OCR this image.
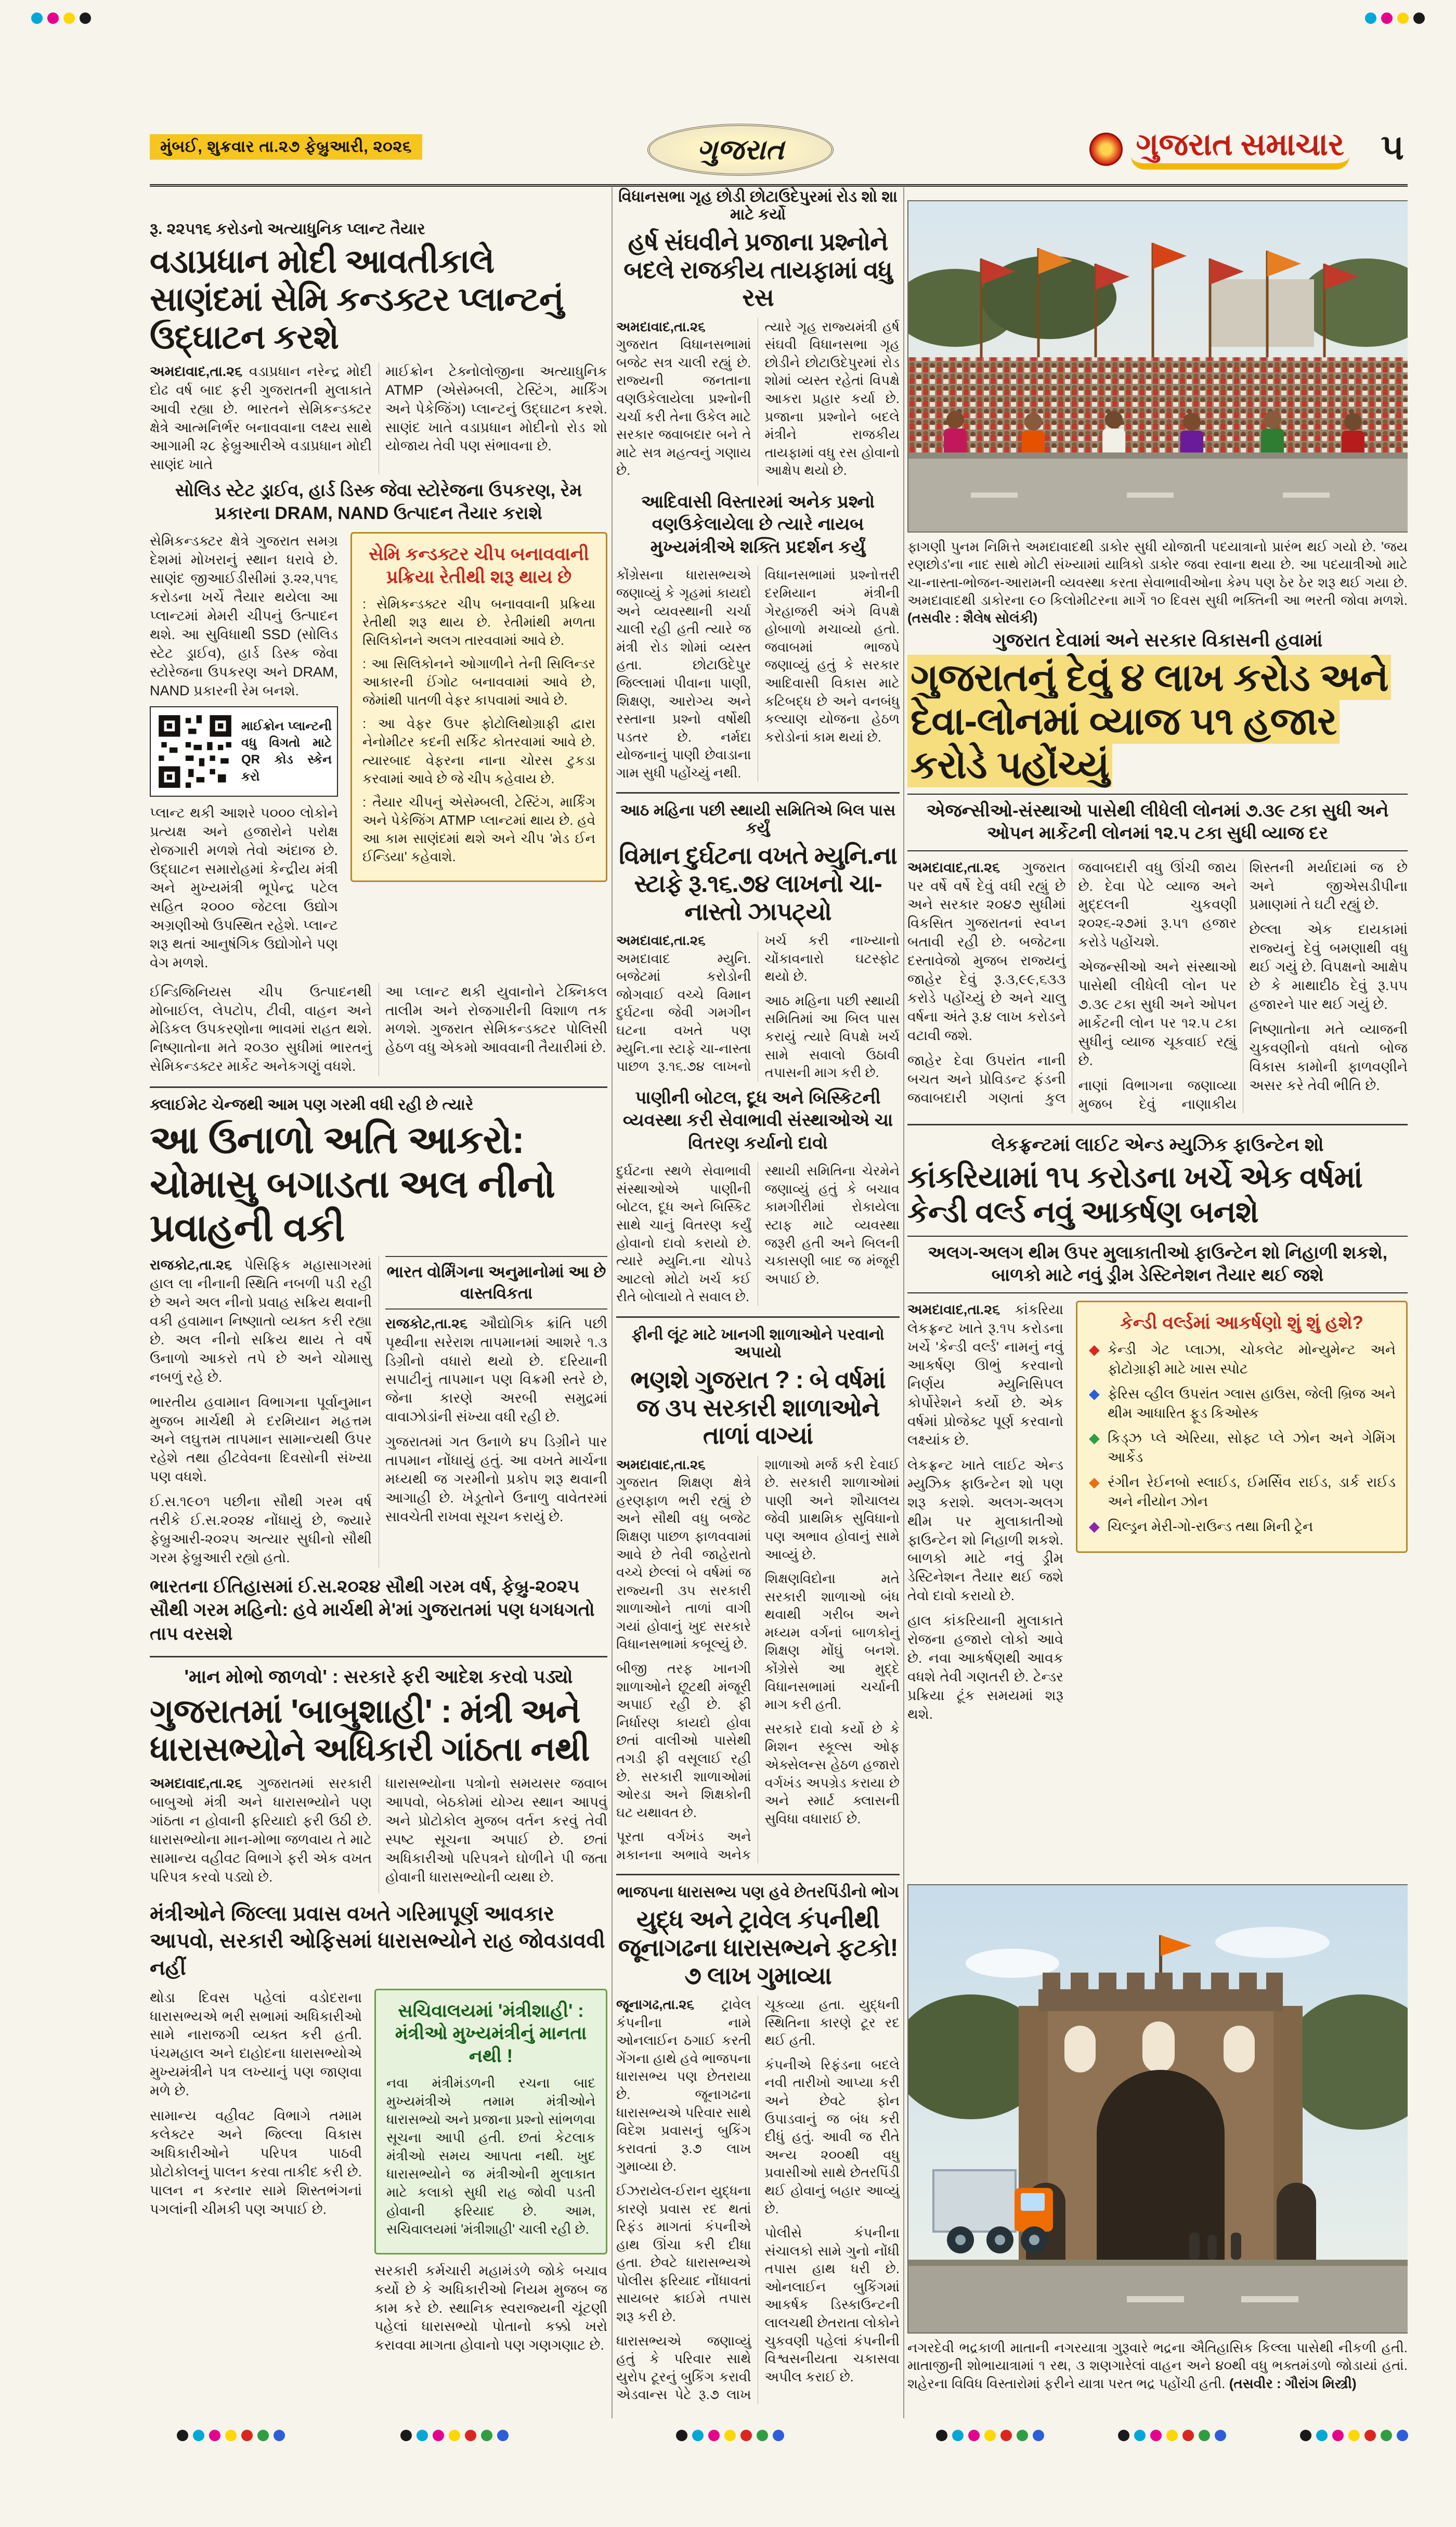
મુંબઈ, શુક્રવાર તા.૨૭ ફેબ્રુઆરી, ૨૦૨૬	ગુજરાત	ગુજરાત સમાચાર ૫
રૂ. ૨૨૫૧૬ કરોડનો અત્યાધુનિક પ્લાન્ટ તૈયાર
વડાપ્રધાન મોદી આવતીકાલે સાણંદમાં સેમિ કન્ડક્ટર પ્લાન્ટનું ઉદ્ઘાટન કરશે

અમદાવાદ,તા.૨૬ વડાપ્રધાન નરેન્દ્ર મોદી દોઢ વર્ષ બાદ ફરી ગુજરાતની મુલાકાતે આવી રહ્યા છે. ભારતને સેમિકન્ડક્ટર ક્ષેત્રે આત્મનિર્ભર બનાવવાના લક્ષ્ય સાથે આગામી ૨૮ ફેબ્રુઆરીએ વડાપ્રધાન મોદી સાણંદ ખાતે

માઈક્રોન ટેક્નોલોજીના અત્યાધુનિક ATMP (એસેમ્બલી, ટેસ્ટિંગ, માર્કિંગ અને પેકેજિંગ) પ્લાન્ટનું ઉદ્ઘાટન કરશે. સાણંદ ખાતે વડાપ્રધાન મોદીનો રોડ શો યોજાય તેવી પણ સંભાવના છે.

સોલિડ સ્ટેટ ડ્રાઈવ, હાર્ડ ડિસ્ક જેવા સ્ટોરેજના ઉપકરણ, રેમ પ્રકારના DRAM, NAND ઉત્પાદન તૈયાર કરાશે

સેમિકન્ડક્ટર ક્ષેત્રે ગુજરાત સમગ્ર દેશમાં મોખરાનું સ્થાન ધરાવે છે. સાણંદ જીઆઈડીસીમાં રૂ.૨૨,૫૧૬ કરોડના ખર્ચે તૈયાર થયેલા આ પ્લાન્ટમાં મેમરી ચીપનું ઉત્પાદન થશે. આ સુવિધાથી SSD (સોલિડ સ્ટેટ ડ્રાઈવ), હાર્ડ ડિસ્ક જેવા સ્ટોરેજના ઉપકરણ અને DRAM, NAND પ્રકારની રેમ બનશે.

માઈક્રોન પ્લાન્ટની વધુ વિગતો માટે QR કોડ સ્કેન કરો

પ્લાન્ટ થકી આશરે ૫૦૦૦ લોકોને પ્રત્યક્ષ અને હજારોને પરોક્ષ રોજગારી મળશે તેવો અંદાજ છે. ઉદ્ઘાટન સમારોહમાં કેન્દ્રીય મંત્રી અને મુખ્યમંત્રી ભૂપેન્દ્ર પટેલ સહિત ૨૦૦૦ જેટલા ઉદ્યોગ અગ્રણીઓ ઉપસ્થિત રહેશે. પ્લાન્ટ શરૂ થતાં આનુષંગિક ઉદ્યોગોને પણ વેગ મળશે.

સેમિ કન્ડક્ટર ચીપ બનાવવાની પ્રક્રિયા રેતીથી શરૂ થાય છે

: સેમિકન્ડક્ટર ચીપ બનાવવાની પ્રક્રિયા રેતીથી શરૂ થાય છે. રેતીમાંથી મળતા સિલિકોનને અલગ તારવવામાં આવે છે.

: આ સિલિકોનને ઓગાળીને તેની સિલિન્ડર આકારની ઈંગોટ બનાવવામાં આવે છે, જેમાંથી પાતળી વેફર કાપવામાં આવે છે.

: આ વેફર ઉપર ફોટોલિથોગ્રાફી દ્વારા નેનોમીટર કદની સર્કિટ કોતરવામાં આવે છે. ત્યારબાદ વેફરના નાના ચોરસ ટુકડા કરવામાં આવે છે જે ચીપ કહેવાય છે.

: તૈયાર ચીપનું એસેમ્બલી, ટેસ્ટિંગ, માર્કિંગ અને પેકેજિંગ ATMP પ્લાન્ટમાં થાય છે. હવે આ કામ સાણંદમાં થશે અને ચીપ 'મેડ ઈન ઈન્ડિયા' કહેવાશે.

ઈન્ડિજિનિયસ ચીપ ઉત્પાદનથી મોબાઈલ, લેપટોપ, ટીવી, વાહન અને મેડિકલ ઉપકરણોના ભાવમાં રાહત થશે. નિષ્ણાતોના મતે ૨૦૩૦ સુધીમાં ભારતનું સેમિકન્ડક્ટર માર્કેટ અનેકગણું વધશે.

આ પ્લાન્ટ થકી યુવાનોને ટેક્નિકલ તાલીમ અને રોજગારીની વિશાળ તક મળશે. ગુજરાત સેમિકન્ડક્ટર પોલિસી હેઠળ વધુ એકમો આવવાની તૈયારીમાં છે.

ક્લાઈમેટ ચેન્જથી આમ પણ ગરમી વધી રહી છે ત્યારે
આ ઉનાળો અતિ આકરો: ચોમાસુ બગાડતા અલ નીનો પ્રવાહની વકી

રાજકોટ,તા.૨૬ પેસિફિક મહાસાગરમાં હાલ લા નીનાની સ્થિતિ નબળી પડી રહી છે અને અલ નીનો પ્રવાહ સક્રિય થવાની વકી હવામાન નિષ્ણાતો વ્યક્ત કરી રહ્યા છે. અલ નીનો સક્રિય થાય તે વર્ષે ઉનાળો આકરો તપે છે અને ચોમાસુ નબળું રહે છે.

ભારતીય હવામાન વિભાગના પૂર્વાનુમાન મુજબ માર્ચથી મે દરમિયાન મહત્તમ અને લઘુત્તમ તાપમાન સામાન્યથી ઉપર રહેશે તથા હીટવેવના દિવસોની સંખ્યા પણ વધશે.

ઈ.સ.૧૯૦૧ પછીના સૌથી ગરમ વર્ષ તરીકે ઈ.સ.૨૦૨૪ નોંધાયું છે, જ્યારે ફેબ્રુઆરી-૨૦૨૫ અત્યાર સુધીનો સૌથી ગરમ ફેબ્રુઆરી રહ્યો હતો.

ભારત વોર્મિંગના અનુમાનોમાં આ છે વાસ્તવિકતા

રાજકોટ,તા.૨૬ ઔદ્યોગિક ક્રાંતિ પછી પૃથ્વીના સરેરાશ તાપમાનમાં આશરે ૧.૩ ડિગ્રીનો વધારો થયો છે. દરિયાની સપાટીનું તાપમાન પણ વિક્રમી સ્તરે છે, જેના કારણે અરબી સમુદ્રમાં વાવાઝોડાંની સંખ્યા વધી રહી છે.

ગુજરાતમાં ગત ઉનાળે ૪૫ ડિગ્રીને પાર તાપમાન નોંધાયું હતું. આ વખતે માર્ચના મધ્યથી જ ગરમીનો પ્રકોપ શરૂ થવાની આગાહી છે. ખેડૂતોને ઉનાળુ વાવેતરમાં સાવચેતી રાખવા સૂચન કરાયું છે.

ભારતના ઈતિહાસમાં ઈ.સ.૨૦૨૪ સૌથી ગરમ વર્ષ, ફેબ્રુ-૨૦૨૫ સૌથી ગરમ મહિનો: હવે માર્ચથી મે'માં ગુજરાતમાં પણ ધગધગતો તાપ વરસશે
'માન મોભો જાળવો' : સરકારે ફરી આદેશ કરવો પડ્યો
ગુજરાતમાં 'બાબુશાહી' : મંત્રી અને ધારાસભ્યોને અધિકારી ગાંઠતા નથી

અમદાવાદ,તા.૨૬ ગુજરાતમાં સરકારી બાબુઓ મંત્રી અને ધારાસભ્યોને પણ ગાંઠતા ન હોવાની ફરિયાદો ફરી ઉઠી છે. ધારાસભ્યોના માન-મોભા જળવાય તે માટે સામાન્ય વહીવટ વિભાગે ફરી એક વખત પરિપત્ર કરવો પડ્યો છે.

ધારાસભ્યોના પત્રોનો સમયસર જવાબ આપવો, બેઠકોમાં યોગ્ય સ્થાન આપવું અને પ્રોટોકોલ મુજબ વર્તન કરવું તેવી સ્પષ્ટ સૂચના અપાઈ છે. છતાં અધિકારીઓ પરિપત્રને ઘોળીને પી જતા હોવાની ધારાસભ્યોની વ્યથા છે.

મંત્રીઓને જિલ્લા પ્રવાસ વખતે ગરિમાપૂર્ણ આવકાર આપવો, સરકારી ઓફિસમાં ધારાસભ્યોને રાહ જોવડાવવી નહીં

થોડા દિવસ પહેલાં વડોદરાના ધારાસભ્યએ ભરી સભામાં અધિકારીઓ સામે નારાજગી વ્યક્ત કરી હતી. પંચમહાલ અને દાહોદના ધારાસભ્યોએ મુખ્યમંત્રીને પત્ર લખ્યાનું પણ જાણવા મળે છે.

સામાન્ય વહીવટ વિભાગે તમામ કલેક્ટર અને જિલ્લા વિકાસ અધિકારીઓને પરિપત્ર પાઠવી પ્રોટોકોલનું પાલન કરવા તાકીદ કરી છે. પાલન ન કરનાર સામે શિસ્તભંગનાં પગલાંની ચીમકી પણ અપાઈ છે.

સચિવાલયમાં 'મંત્રીશાહી' : મંત્રીઓ મુખ્યમંત્રીનું માનતા નથી !

નવા મંત્રીમંડળની રચના બાદ મુખ્યમંત્રીએ તમામ મંત્રીઓને ધારાસભ્યો અને પ્રજાના પ્રશ્નો સાંભળવા સૂચના આપી હતી. છતાં કેટલાક મંત્રીઓ સમય આપતા નથી. ખુદ ધારાસભ્યોને જ મંત્રીઓની મુલાકાત માટે કલાકો સુધી રાહ જોવી પડતી હોવાની ફરિયાદ છે. આમ, સચિવાલયમાં 'મંત્રીશાહી' ચાલી રહી છે.

સરકારી કર્મચારી મહામંડળે જોકે બચાવ કર્યો છે કે અધિકારીઓ નિયમ મુજબ જ કામ કરે છે. સ્થાનિક સ્વરાજ્યની ચૂંટણી પહેલાં ધારાસભ્યો પોતાનો કક્કો ખરો કરાવવા માગતા હોવાનો પણ ગણગણાટ છે.

વિધાનસભા ગૃહ છોડી છોટાઉદેપુરમાં રોડ શો શા માટે કર્યો
હર્ષ સંઘવીને પ્રજાના પ્રશ્નોને બદલે રાજકીય તાયફામાં વધુ રસ

અમદાવાદ,તા.૨૬ ગુજરાત વિધાનસભામાં બજેટ સત્ર ચાલી રહ્યું છે. રાજ્યની જનતાના વણઉકેલાયેલા પ્રશ્નોની ચર્ચા કરી તેના ઉકેલ માટે સરકાર જવાબદાર બને તે માટે સત્ર મહત્વનું ગણાય છે.

ત્યારે ગૃહ રાજ્યમંત્રી હર્ષ સંઘવી વિધાનસભા ગૃહ છોડીને છોટાઉદેપુરમાં રોડ શોમાં વ્યસ્ત રહેતાં વિપક્ષે આકરા પ્રહાર કર્યા છે. પ્રજાના પ્રશ્નોને બદલે મંત્રીને રાજકીય તાયફામાં વધુ રસ હોવાનો આક્ષેપ થયો છે.

આદિવાસી વિસ્તારમાં અનેક પ્રશ્નો વણઉકેલાયેલા છે ત્યારે નાયબ મુખ્યમંત્રીએ શક્તિ પ્રદર્શન કર્યું

કોંગ્રેસના ધારાસભ્યએ જણાવ્યું કે ગૃહમાં કાયદો અને વ્યવસ્થાની ચર્ચા ચાલી રહી હતી ત્યારે જ મંત્રી રોડ શોમાં વ્યસ્ત હતા. છોટાઉદેપુર જિલ્લામાં પીવાના પાણી, શિક્ષણ, આરોગ્ય અને રસ્તાના પ્રશ્નો વર્ષોથી પડતર છે. નર્મદા યોજનાનું પાણી છેવાડાના ગામ સુધી પહોંચ્યું નથી.

વિધાનસભામાં પ્રશ્નોત્તરી દરમિયાન મંત્રીની ગેરહાજરી અંગે વિપક્ષે હોબાળો મચાવ્યો હતો. જવાબમાં ભાજપે જણાવ્યું હતું કે સરકાર આદિવાસી વિકાસ માટે કટિબદ્ધ છે અને વનબંધુ કલ્યાણ યોજના હેઠળ કરોડોનાં કામ થયાં છે.

આઠ મહિના પછી સ્થાયી સમિતિએ બિલ પાસ કર્યું
વિમાન દુર્ઘટના વખતે મ્યુનિ.ના સ્ટાફે રૂ.૧૬.૭૪ લાખનો ચા-નાસ્તો ઝાપટ્યો

અમદાવાદ,તા.૨૬ અમદાવાદ મ્યુનિ. બજેટમાં કરોડોની જોગવાઈ વચ્ચે વિમાન દુર્ઘટના જેવી ગમગીન ઘટના વખતે પણ મ્યુનિ.ના સ્ટાફે ચા-નાસ્તા પાછળ રૂ.૧૬.૭૪ લાખનો ખર્ચ કરી નાખ્યાનો ચોંકાવનારો ઘટસ્ફોટ થયો છે.

આઠ મહિના પછી સ્થાયી સમિતિમાં આ બિલ પાસ કરાયું ત્યારે વિપક્ષે ખર્ચ સામે સવાલો ઉઠાવી તપાસની માગ કરી છે.

પાણીની બોટલ, દૂધ અને બિસ્કિટની વ્યવસ્થા કરી સેવાભાવી સંસ્થાઓએ ચા વિતરણ કર્યાનો દાવો

દુર્ઘટના સ્થળે સેવાભાવી સંસ્થાઓએ પાણીની બોટલ, દૂધ અને બિસ્કિટ સાથે ચાનું વિતરણ કર્યું હોવાનો દાવો કરાયો છે. ત્યારે મ્યુનિ.ના ચોપડે આટલો મોટો ખર્ચ કઈ રીતે બોલાયો તે સવાલ છે.

સ્થાયી સમિતિના ચેરમેને જણાવ્યું હતું કે બચાવ કામગીરીમાં રોકાયેલા સ્ટાફ માટે વ્યવસ્થા જરૂરી હતી અને બિલની ચકાસણી બાદ જ મંજૂરી અપાઈ છે.

ફીની લૂંટ માટે ખાનગી શાળાઓને પરવાનો અપાયો
ભણશે ગુજરાત ? : બે વર્ષમાં જ ૩૫ સરકારી શાળાઓને તાળાં વાગ્યાં

અમદાવાદ,તા.૨૬ ગુજરાત શિક્ષણ ક્ષેત્રે હરણફાળ ભરી રહ્યું છે અને સૌથી વધુ બજેટ શિક્ષણ પાછળ ફાળવવામાં આવે છે તેવી જાહેરાતો વચ્ચે છેલ્લાં બે વર્ષમાં જ રાજ્યની ૩૫ સરકારી શાળાઓને તાળાં વાગી ગયાં હોવાનું ખુદ સરકારે વિધાનસભામાં કબૂલ્યું છે.

બીજી તરફ ખાનગી શાળાઓને છૂટથી મંજૂરી અપાઈ રહી છે. ફી નિર્ધારણ કાયદો હોવા છતાં વાલીઓ પાસેથી તગડી ફી વસૂલાઈ રહી છે. સરકારી શાળાઓમાં ઓરડા અને શિક્ષકોની ઘટ યથાવત છે.

પૂરતા વર્ગખંડ અને મકાનના અભાવે અનેક શાળાઓ મર્જ કરી દેવાઈ છે. સરકારી શાળાઓમાં પાણી અને શૌચાલય જેવી પ્રાથમિક સુવિધાનો પણ અભાવ હોવાનું સામે આવ્યું છે.

શિક્ષણવિદોના મતે સરકારી શાળાઓ બંધ થવાથી ગરીબ અને મધ્યમ વર્ગનાં બાળકોનું શિક્ષણ મોંઘું બનશે. કોંગ્રેસે આ મુદ્દે વિધાનસભામાં ચર્ચાની માગ કરી હતી.

સરકારે દાવો કર્યો છે કે મિશન સ્કૂલ્સ ઓફ એક્સેલન્સ હેઠળ હજારો વર્ગખંડ અપગ્રેડ કરાયા છે અને સ્માર્ટ ક્લાસની સુવિધા વધારાઈ છે.

ભાજપના ધારાસભ્ય પણ હવે છેતરપિંડીનો ભોગ
યુદ્ધ અને ટ્રાવેલ કંપનીથી જૂનાગઢના ધારાસભ્યને ફટકો! ૭ લાખ ગુમાવ્યા

જૂનાગઢ,તા.૨૬ ટ્રાવેલ કંપનીના નામે ઓનલાઈન ઠગાઈ કરતી ગેંગના હાથે હવે ભાજપના ધારાસભ્ય પણ છેતરાયા છે. જૂનાગઢના ધારાસભ્યએ પરિવાર સાથે વિદેશ પ્રવાસનું બુકિંગ કરાવતાં રૂ.૭ લાખ ગુમાવ્યા છે.

ઈઝરાયેલ-ઈરાન યુદ્ધના કારણે પ્રવાસ રદ થતાં રિફંડ માગતાં કંપનીએ હાથ ઊંચા કરી દીધા હતા. છેવટે ધારાસભ્યએ પોલીસ ફરિયાદ નોંધાવતાં સાયબર ક્રાઈમે તપાસ શરૂ કરી છે.

ધારાસભ્યએ જણાવ્યું હતું કે પરિવાર સાથે યુરોપ ટૂરનું બુકિંગ કરાવી એડવાન્સ પેટે રૂ.૭ લાખ ચૂકવ્યા હતા. યુદ્ધની સ્થિતિના કારણે ટૂર રદ થઈ હતી.

કંપનીએ રિફંડના બદલે નવી તારીખો આપ્યા કરી અને છેવટે ફોન ઉપાડવાનું જ બંધ કરી દીધું હતું. આવી જ રીતે અન્ય ૨૦૦થી વધુ પ્રવાસીઓ સાથે છેતરપિંડી થઈ હોવાનું બહાર આવ્યું છે.

પોલીસે કંપનીના સંચાલકો સામે ગુનો નોંધી તપાસ હાથ ધરી છે. ઓનલાઈન બુકિંગમાં આકર્ષક ડિસ્કાઉન્ટની લાલચથી છેતરાતા લોકોને ચુકવણી પહેલાં કંપનીની વિશ્વસનીયતા ચકાસવા અપીલ કરાઈ છે.

ફાગણી પુનમ નિમિત્તે અમદાવાદથી ડાકોર સુધી યોજાતી પદયાત્રાનો પ્રારંભ થઈ ગયો છે. 'જય રણછોડ'ના નાદ સાથે મોટી સંખ્યામાં યાત્રિકો ડાકોર જવા રવાના થયા છે. આ પદયાત્રીઓ માટે ચા-નાસ્તા-ભોજન-આરામની વ્યવસ્થા કરતા સેવાભાવીઓના કેમ્પ પણ ઠેર ઠેર શરૂ થઈ ગયા છે. અમદાવાદથી ડાકોરના ૯૦ કિલોમીટરના માર્ગે ૧૦ દિવસ સુધી ભક્તિની આ ભરતી જોવા મળશે. (તસવીર : શૈલેષ સોલંકી)
ગુજરાત દેવામાં અને સરકાર વિકાસની હવામાં
ગુજરાતનું દેવું ૪ લાખ કરોડ અને દેવા-લોનમાં વ્યાજ ૫૧ હજાર કરોડે પહોંચ્યું
એજન્સીઓ-સંસ્થાઓ પાસેથી લીધેલી લોનમાં ૭.૩૯ ટકા સુધી અને ઓપન માર્કેટની લોનમાં ૧૨.૫ ટકા સુધી વ્યાજ દર

અમદાવાદ,તા.૨૬ ગુજરાત પર વર્ષે વર્ષે દેવું વધી રહ્યું છે અને સરકાર ૨૦૪૭ સુધીમાં વિકસિત ગુજરાતનાં સ્વપ્ન બતાવી રહી છે. બજેટના દસ્તાવેજો મુજબ રાજ્યનું જાહેર દેવું રૂ.૩,૯૯,૬૩૩ કરોડે પહોંચ્યું છે અને ચાલુ વર્ષના અંતે રૂ.૪ લાખ કરોડને વટાવી જશે.

જાહેર દેવા ઉપરાંત નાની બચત અને પ્રોવિડન્ટ ફંડની જવાબદારી ગણતાં કુલ જવાબદારી વધુ ઊંચી જાય છે. દેવા પેટે વ્યાજ અને મુદ્દલની ચુકવણી ૨૦૨૬-૨૭માં રૂ.૫૧ હજાર કરોડે પહોંચશે.

એજન્સીઓ અને સંસ્થાઓ પાસેથી લીધેલી લોન પર ૭.૩૯ ટકા સુધી અને ઓપન માર્કેટની લોન પર ૧૨.૫ ટકા સુધીનું વ્યાજ ચૂકવાઈ રહ્યું છે.

નાણાં વિભાગના જણાવ્યા મુજબ દેવું નાણાકીય શિસ્તની મર્યાદામાં જ છે અને જીએસડીપીના પ્રમાણમાં તે ઘટી રહ્યું છે.

છેલ્લા એક દાયકામાં રાજ્યનું દેવું બમણાથી વધુ થઈ ગયું છે. વિપક્ષનો આક્ષેપ છે કે માથાદીઠ દેવું રૂ.૫૫ હજારને પાર થઈ ગયું છે.

નિષ્ણાતોના મતે વ્યાજની ચુકવણીનો વધતો બોજ વિકાસ કામોની ફાળવણીને અસર કરે તેવી ભીતિ છે.

લેકફ્રન્ટમાં લાઈટ એન્ડ મ્યુઝિક ફાઉન્ટેન શો
કાંકરિયામાં ૧૫ કરોડના ખર્ચે એક વર્ષમાં કેન્ડી વર્લ્ડ નવું આકર્ષણ બનશે
અલગ-અલગ થીમ ઉપર મુલાકાતીઓ ફાઉન્ટેન શો નિહાળી શકશે, બાળકો માટે નવું ડ્રીમ ડેસ્ટિનેશન તૈયાર થઈ જશે

અમદાવાદ,તા.૨૬ કાંકરિયા લેકફ્રન્ટ ખાતે રૂ.૧૫ કરોડના ખર્ચે 'કેન્ડી વર્લ્ડ' નામનું નવું આકર્ષણ ઊભું કરવાનો નિર્ણય મ્યુનિસિપલ કોર્પોરેશને કર્યો છે. એક વર્ષમાં પ્રોજેક્ટ પૂર્ણ કરવાનો લક્ષ્યાંક છે.

લેકફ્રન્ટ ખાતે લાઈટ એન્ડ મ્યુઝિક ફાઉન્ટેન શો પણ શરૂ કરાશે. અલગ-અલગ થીમ પર મુલાકાતીઓ ફાઉન્ટેન શો નિહાળી શકશે. બાળકો માટે નવું ડ્રીમ ડેસ્ટિનેશન તૈયાર થઈ જશે તેવો દાવો કરાયો છે.

હાલ કાંકરિયાની મુલાકાતે રોજના હજારો લોકો આવે છે. નવા આકર્ષણથી આવક વધશે તેવી ગણતરી છે. ટેન્ડર પ્રક્રિયા ટૂંક સમયમાં શરૂ થશે.

કેન્ડી વર્લ્ડમાં આકર્ષણો શું શું હશે?
◆ કેન્ડી ગેટ પ્લાઝા, ચોકલેટ મોન્યુમેન્ટ અને ફોટોગ્રાફી માટે ખાસ સ્પોટ
◆ ફેરિસ વ્હીલ ઉપરાંત ગ્લાસ હાઉસ, જેલી બ્રિજ અને થીમ આધારિત ફૂડ કિઓસ્ક
◆ કિડ્ઝ પ્લે એરિયા, સોફ્ટ પ્લે ઝોન અને ગેમિંગ આર્કેડ
◆ રંગીન રેઈનબો સ્લાઈડ, ઈમર્સિવ રાઈડ, ડાર્ક રાઈડ અને નીયોન ઝોન
◆ ચિલ્ડ્રન મેરી-ગો-રાઉન્ડ તથા મિની ટ્રેન
નગરદેવી ભદ્રકાળી માતાની નગરયાત્રા ગુરૂવારે ભદ્રના ઐતિહાસિક કિલ્લા પાસેથી નીકળી હતી. માતાજીની શોભાયાત્રામાં ૧ રથ, ૩ શણગારેલાં વાહન અને ૪૦થી વધુ ભક્તમંડળો જોડાયાં હતાં. શહેરના વિવિધ વિસ્તારોમાં ફરીને યાત્રા પરત ભદ્ર પહોંચી હતી. (તસવીર : ગૌરાંગ મિસ્ત્રી)
